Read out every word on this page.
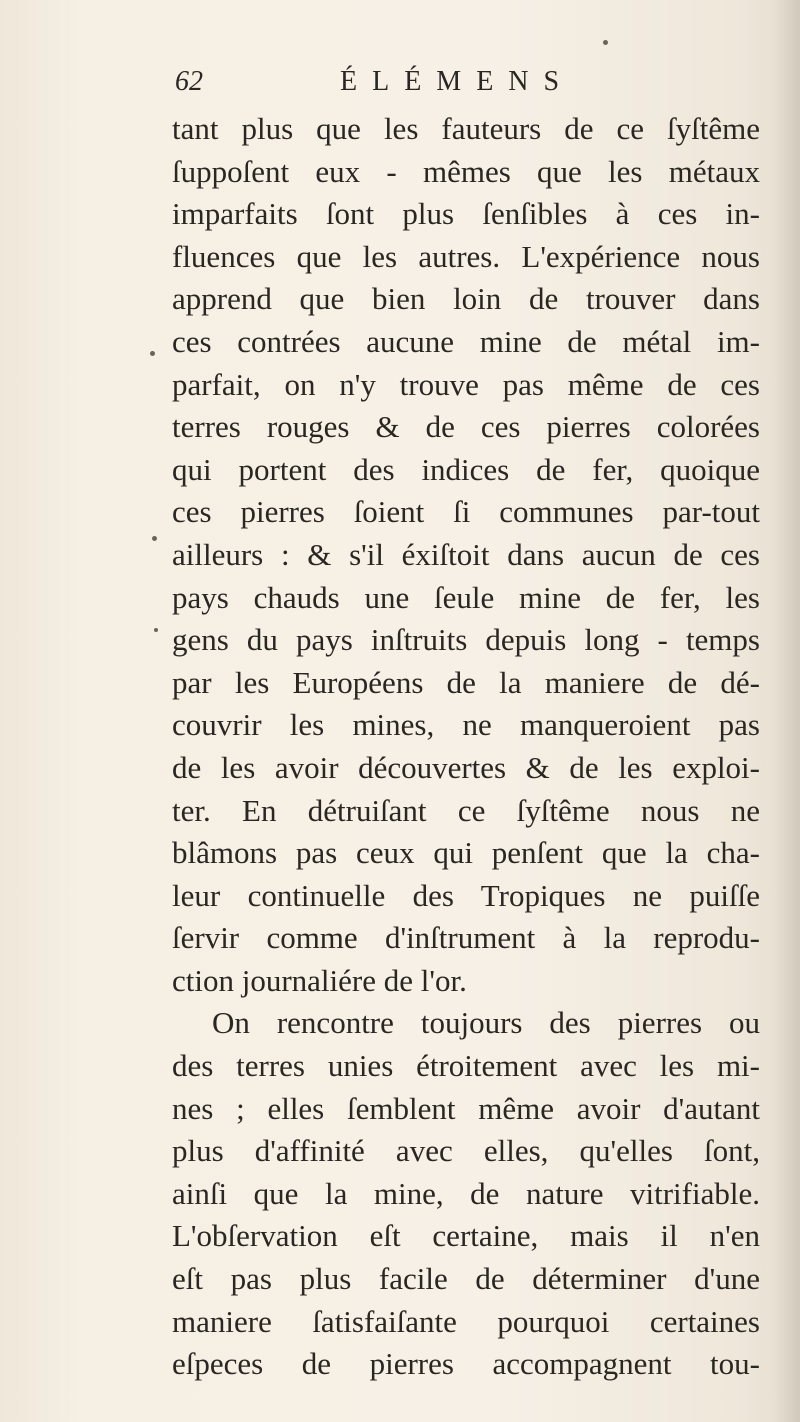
62	ÉLÉMENS
tant plus que les fauteurs de ce ſyſtême
ſuppoſent eux - mêmes que les métaux
imparfaits ſont plus ſenſibles à ces in-
fluences que les autres. L'expérience nous
apprend que bien loin de trouver dans
ces contrées aucune mine de métal im-
parfait, on n'y trouve pas même de ces
terres rouges & de ces pierres colorées
qui portent des indices de fer, quoique
ces pierres ſoient ſi communes par-tout
ailleurs : & s'il éxiſtoit dans aucun de ces
pays chauds une ſeule mine de fer, les
gens du pays inſtruits depuis long - temps
par les Européens de la maniere de dé-
couvrir les mines, ne manqueroient pas
de les avoir découvertes & de les exploi-
ter. En détruiſant ce ſyſtême nous ne
blâmons pas ceux qui penſent que la cha-
leur continuelle des Tropiques ne puiſſe
ſervir comme d'inſtrument à la reprodu-
ction journaliére de l'or.
On rencontre toujours des pierres ou
des terres unies étroitement avec les mi-
nes ; elles ſemblent même avoir d'autant
plus d'affinité avec elles, qu'elles ſont,
ainſi que la mine, de nature vitrifiable.
L'obſervation eſt certaine, mais il n'en
eſt pas plus facile de déterminer d'une
maniere ſatisfaiſante pourquoi certaines
eſpeces de pierres accompagnent tou-
